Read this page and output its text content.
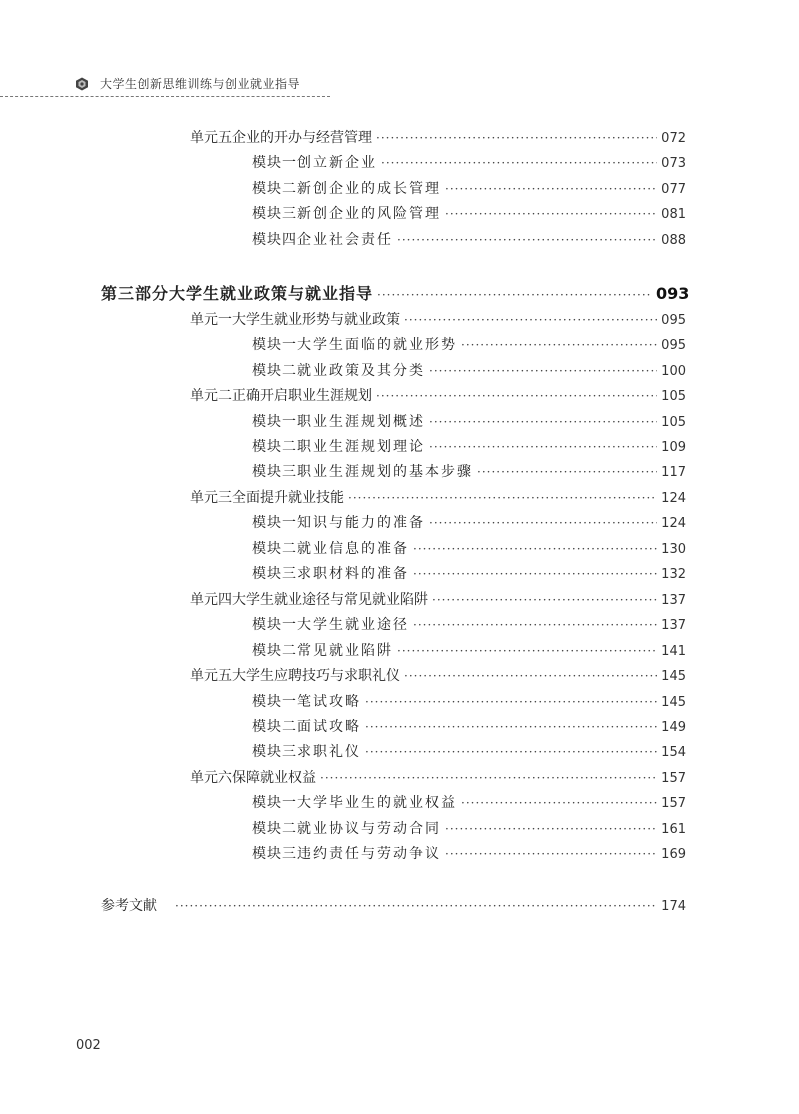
大学生创新思维训练与创业就业指导
单元五 企业的开办与经营管理 ·····	072
模块一 创立新企业 ·····	073
模块二 新创企业的成长管理 ·····	077
模块三 新创企业的风险管理 ·····	081
模块四 企业社会责任 ·····	088
第三部分 大学生就业政策与就业指导 ·····	093
单元一 大学生就业形势与就业政策 ·····	095
模块一 大学生面临的就业形势 ·····	095
模块二 就业政策及其分类 ·····	100
单元二 正确开启职业生涯规划 ·····	105
模块一 职业生涯规划概述 ·····	105
模块二 职业生涯规划理论 ·····	109
模块三 职业生涯规划的基本步骤 ·····	117
单元三 全面提升就业技能 ·····	124
模块一 知识与能力的准备 ·····	124
模块二 就业信息的准备 ·····	130
模块三 求职材料的准备 ·····	132
单元四 大学生就业途径与常见就业陷阱 ·····	137
模块一 大学生就业途径 ·····	137
模块二 常见就业陷阱 ·····	141
单元五 大学生应聘技巧与求职礼仪 ·····	145
模块一 笔试攻略 ·····	145
模块二 面试攻略 ·····	149
模块三 求职礼仪 ·····	154
单元六 保障就业权益 ·····	157
模块一 大学毕业生的就业权益 ·····	157
模块二 就业协议与劳动合同 ·····	161
模块三 违约责任与劳动争议 ·····	169
参考文献 ·····	174
002
